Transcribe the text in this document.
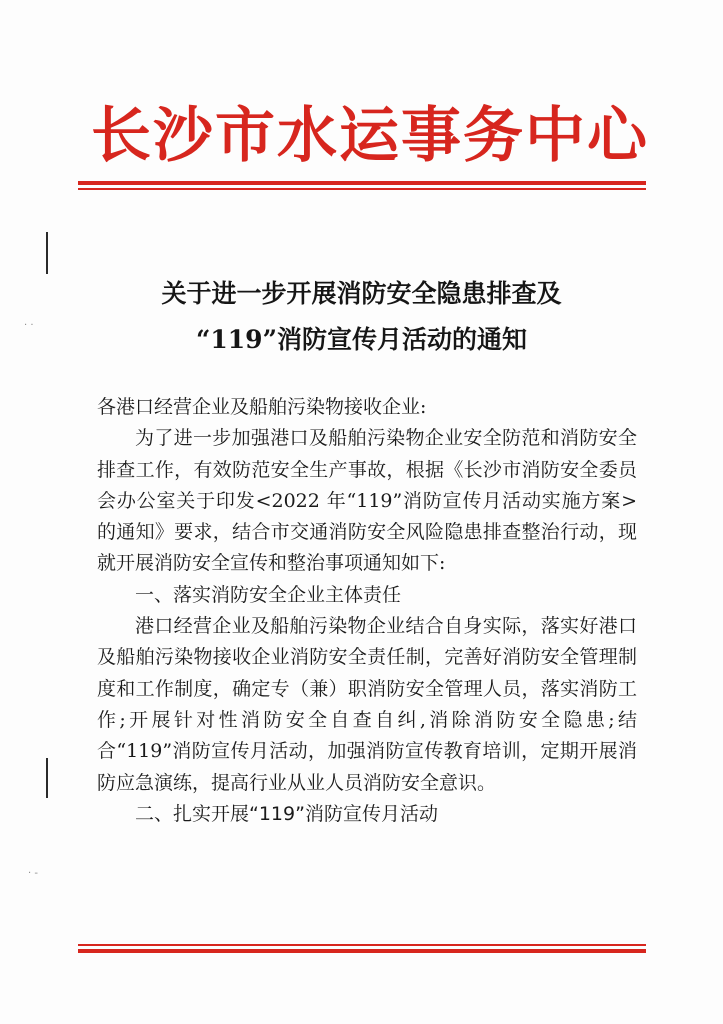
长沙市水运事务中心
· ·
关于进一步开展消防安全隐患排查及
“119”消防宣传月活动的通知

各港口经营企业及船舶污染物接收企业:

为了进一步加强港口及船舶污染物企业安全防范和消防安全排查工作，有效防范安全生产事故，根据《长沙市消防安全委员会办公室关于印发<2022 年“119”消防宣传月活动实施方案>的通知》要求，结合市交通消防安全风险隐患排查整治行动，现就开展消防安全宣传和整治事项通知如下:

一、落实消防安全企业主体责任

港口经营企业及船舶污染物企业结合自身实际，落实好港口及船舶污染物接收企业消防安全责任制，完善好消防安全管理制度和工作制度，确定专（兼）职消防安全管理人员，落实消防工作;开展针对性消防安全自查自纠,消除消防安全隐患;结合“119”消防宣传月活动，加强消防宣传教育培训，定期开展消防应急演练，提高行业从业人员消防安全意识。

二、扎实开展“119”消防宣传月活动

· -
